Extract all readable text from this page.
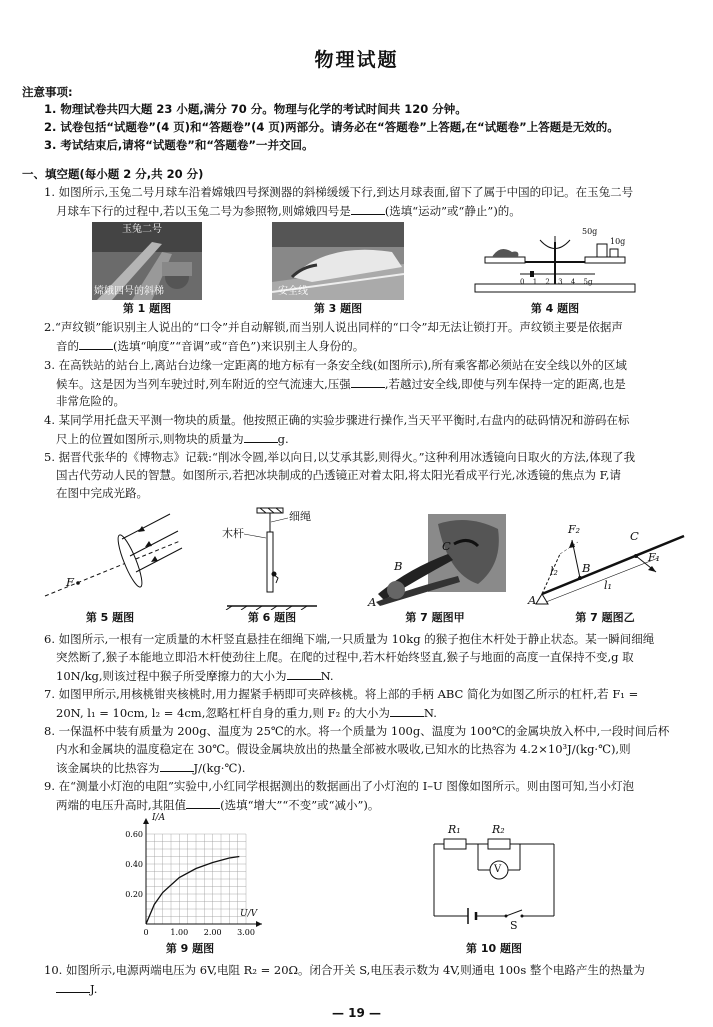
物理试题
注意事项:
1. 物理试卷共四大题 23 小题,满分 70 分。物理与化学的考试时间共 120 分钟。
2. 试卷包括“试题卷”(4 页)和“答题卷”(4 页)两部分。请务必在“答题卷”上答题,在“试题卷”上答题是无效的。
3. 考试结束后,请将“试题卷”和“答题卷”一并交回。
一、填空题(每小题 2 分,共 20 分)
1. 如图所示,玉兔二号月球车沿着嫦娥四号探测器的斜梯缓缓下行,到达月球表面,留下了属于中国的印记。在玉兔二号
月球车下行的过程中,若以玉兔二号为参照物,则嫦娥四号是	(选填“运动”或“静止”)的。
玉兔二号
嫦娥四号的斜梯
第 1 题图
安全线
第 3 题图
50g
10g
0 1 2 3 4 5g
第 4 题图
2.“声纹锁”能识别主人说出的“口令”并自动解锁,而当别人说出同样的“口令”却无法让锁打开。声纹锁主要是依据声
音的	(选填“响度”“音调”或“音色”)来识别主人身份的。
3. 在高铁站的站台上,离站台边缘一定距离的地方标有一条安全线(如图所示),所有乘客都必须站在安全线以外的区域
候车。这是因为当列车驶过时,列车附近的空气流速大,压强	,若越过安全线,即使与列车保持一定的距离,也是
非常危险的。
4. 某同学用托盘天平测一物块的质量。他按照正确的实验步骤进行操作,当天平平衡时,右盘内的砝码情况和游码在标
尺上的位置如图所示,则物块的质量为	g.
5. 据晋代张华的《博物志》记载:“削冰令圆,举以向日,以艾承其影,则得火。”这种利用冰透镜向日取火的方法,体现了我
国古代劳动人民的智慧。如图所示,若把冰块制成的凸透镜正对着太阳,将太阳光看成平行光,冰透镜的焦点为 F,请
在图中完成光路。
F
第 5 题图
木杆
细绳
第 6 题图
B
C
A
第 7 题图甲
F₂	C
B
F₁
l₂
l₁
A
第 7 题图乙
6. 如图所示,一根有一定质量的木杆竖直悬挂在细绳下端,一只质量为 10kg 的猴子抱住木杆处于静止状态。某一瞬间细绳
突然断了,猴子本能地立即沿木杆使劲往上爬。在爬的过程中,若木杆始终竖直,猴子与地面的高度一直保持不变,g 取
10N/kg,则该过程中猴子所受摩擦力的大小为	N.
7. 如图甲所示,用核桃钳夹核桃时,用力握紧手柄即可夹碎核桃。将上部的手柄 ABC 简化为如图乙所示的杠杆,若 F₁ =
20N, l₁ = 10cm, l₂ = 4cm,忽略杠杆自身的重力,则 F₂ 的大小为	N.
8. 一保温杯中装有质量为 200g、温度为 25℃的水。将一个质量为 100g、温度为 100℃的金属块放入杯中,一段时间后杯
内水和金属块的温度稳定在 30℃。假设金属块放出的热量全部被水吸收,已知水的比热容为 4.2×10³J/(kg·℃),则
该金属块的比热容为	J/(kg·℃).
9. 在“测量小灯泡的电阻”实验中,小红同学根据测出的数据画出了小灯泡的 I–U 图像如图所示。则由图可知,当小灯泡
两端的电压升高时,其阻值	(选填“增大”“不变”或“减小”)。
0	1.00 2.00 3.00
0.20
0.40
0.60
I/A
U/V
第 9 题图
R₁	R₂
V
S
第 10 题图
10. 如图所示,电源两端电压为 6V,电阻 R₂ = 20Ω。闭合开关 S,电压表示数为 4V,则通电 100s 整个电路产生的热量为
J.
— 19 —
